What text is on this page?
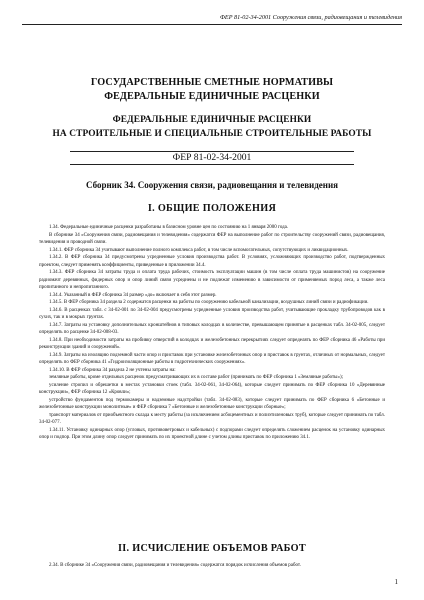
ФЕР 81-02-34-2001 Сооружения связи, радиовещания и телевидения
ГОСУДАРСТВЕННЫЕ СМЕТНЫЕ НОРМАТИВЫ
ФЕДЕРАЛЬНЫЕ ЕДИНИЧНЫЕ РАСЦЕНКИ
ФЕДЕРАЛЬНЫЕ ЕДИНИЧНЫЕ РАСЦЕНКИ
НА СТРОИТЕЛЬНЫЕ И СПЕЦИАЛЬНЫЕ СТРОИТЕЛЬНЫЕ РАБОТЫ
ФЕР 81-02-34-2001
Сборник 34. Сооружения связи, радиовещания и телевидения
I. ОБЩИЕ ПОЛОЖЕНИЯ

1.34. Федеральные единичные расценки разработаны в базисном уровне цен по состоянию на 1 января 2000 года.

В сборнике 34 «Сооружения связи, радиовещания и телевидения» содержатся ФЕР на выполнение работ по строительству сооружений связи, радиовещания, телевидения и проводной связи.

1.34.1. ФЕР сборника 34 учитывают выполнение полного комплекса работ, в том числе вспомогательных, сопутствующих и ликвидационных.

1.34.2. В ФЕР сборника 34 предусмотрены усредненные условия производства работ. В условиях, усложняющих производство работ, подтвержденных проектом, следует применять коэффициенты, приведенные в приложении 34.4.

1.34.3. ФЕР сборника 34 затраты труда и оплата труда рабочих, стоимость эксплуатации машин (в том числе оплата труда машинистов) на сооружение радиомачт деревянных, фидерных опор и опор линий связи усреднены и не подлежат изменению в зависимости от применяемых пород леса, а также леса пропитанного и непропитанного.

1.34.4. Указанный в ФЕР сборника 34 размер «до» включает в себя этот размер.

1.34.5. В ФЕР сборника 34 раздела 2 содержатся расценки на работы по сооружению кабельной канализации, воздушных линий связи и радиофикации.

1.34.6. В расценках табл. с 34-02-001 по 34-02-004 предусмотрены усредненные условия производства работ, учитывающие прокладку трубопроводов как в сухих, так и в мокрых грунтах.

1.34.7. Затраты на установку дополнительных кронштейнов в типовых колодцах в количестве, превышающем принятые в расценках табл. 34-02-005, следует определять по расценке 34-02-008-03.

1.34.8. При необходимости затраты на пробивку отверстий в колодцах и железобетонных перекрытиях следует определять по ФЕР сборника 46 «Работы при реконструкции зданий и сооружений».

1.34.9. Затраты на изоляцию подземной части опор и приставок при установке железобетонных опор и приставок в грунтах, отличных от нормальных, следует определять по ФЕР сборника 41 «Гидроизоляционные работы в гидротехнических сооружениях».

1.34.10. В ФЕР сборника 34 раздела 2 не учтены затраты на:

земляные работы, кроме отдельных расценок предусматривающих их в составе работ (принимать по ФЕР сборника 1 «Земляные работы»);

усиление стропил и обрешетки в местах установки стоек (табл. 34-02-061, 34-02-064), которые следует принимать по ФЕР сборника 10 «Деревянные конструкции», ФЕР сборника 12 «Кровли»;

устройство фундаментов под термокамеры и надземные надстройки (табл. 34-02-083), которые следует принимать по ФЕР сборника 6 «Бетонные и железобетонные конструкции монолитные» и ФЕР сборника 7 «Бетонные и железобетонные конструкции сборные»;

транспорт материалов от приобъектного склада к месту работы (за исключением асбоцементных и полиэтиленовых труб), которые следует принимать по табл. 34-02-077.

1.34.11. Установку одинарных опор (угловых, противоветровых и кабельных) с подпорами следует определять сложением расценок на установку одинарных опор и подпор. При этом длину опор следует принимать по их проектной длине с учетом длины приставок по приложению 34.1.

II. ИСЧИСЛЕНИЕ ОБЪЕМОВ РАБОТ

2.34. В сборнике 34 «Сооружения связи, радиовещания и телевидения» содержатся порядок исчисления объемов работ.

1
